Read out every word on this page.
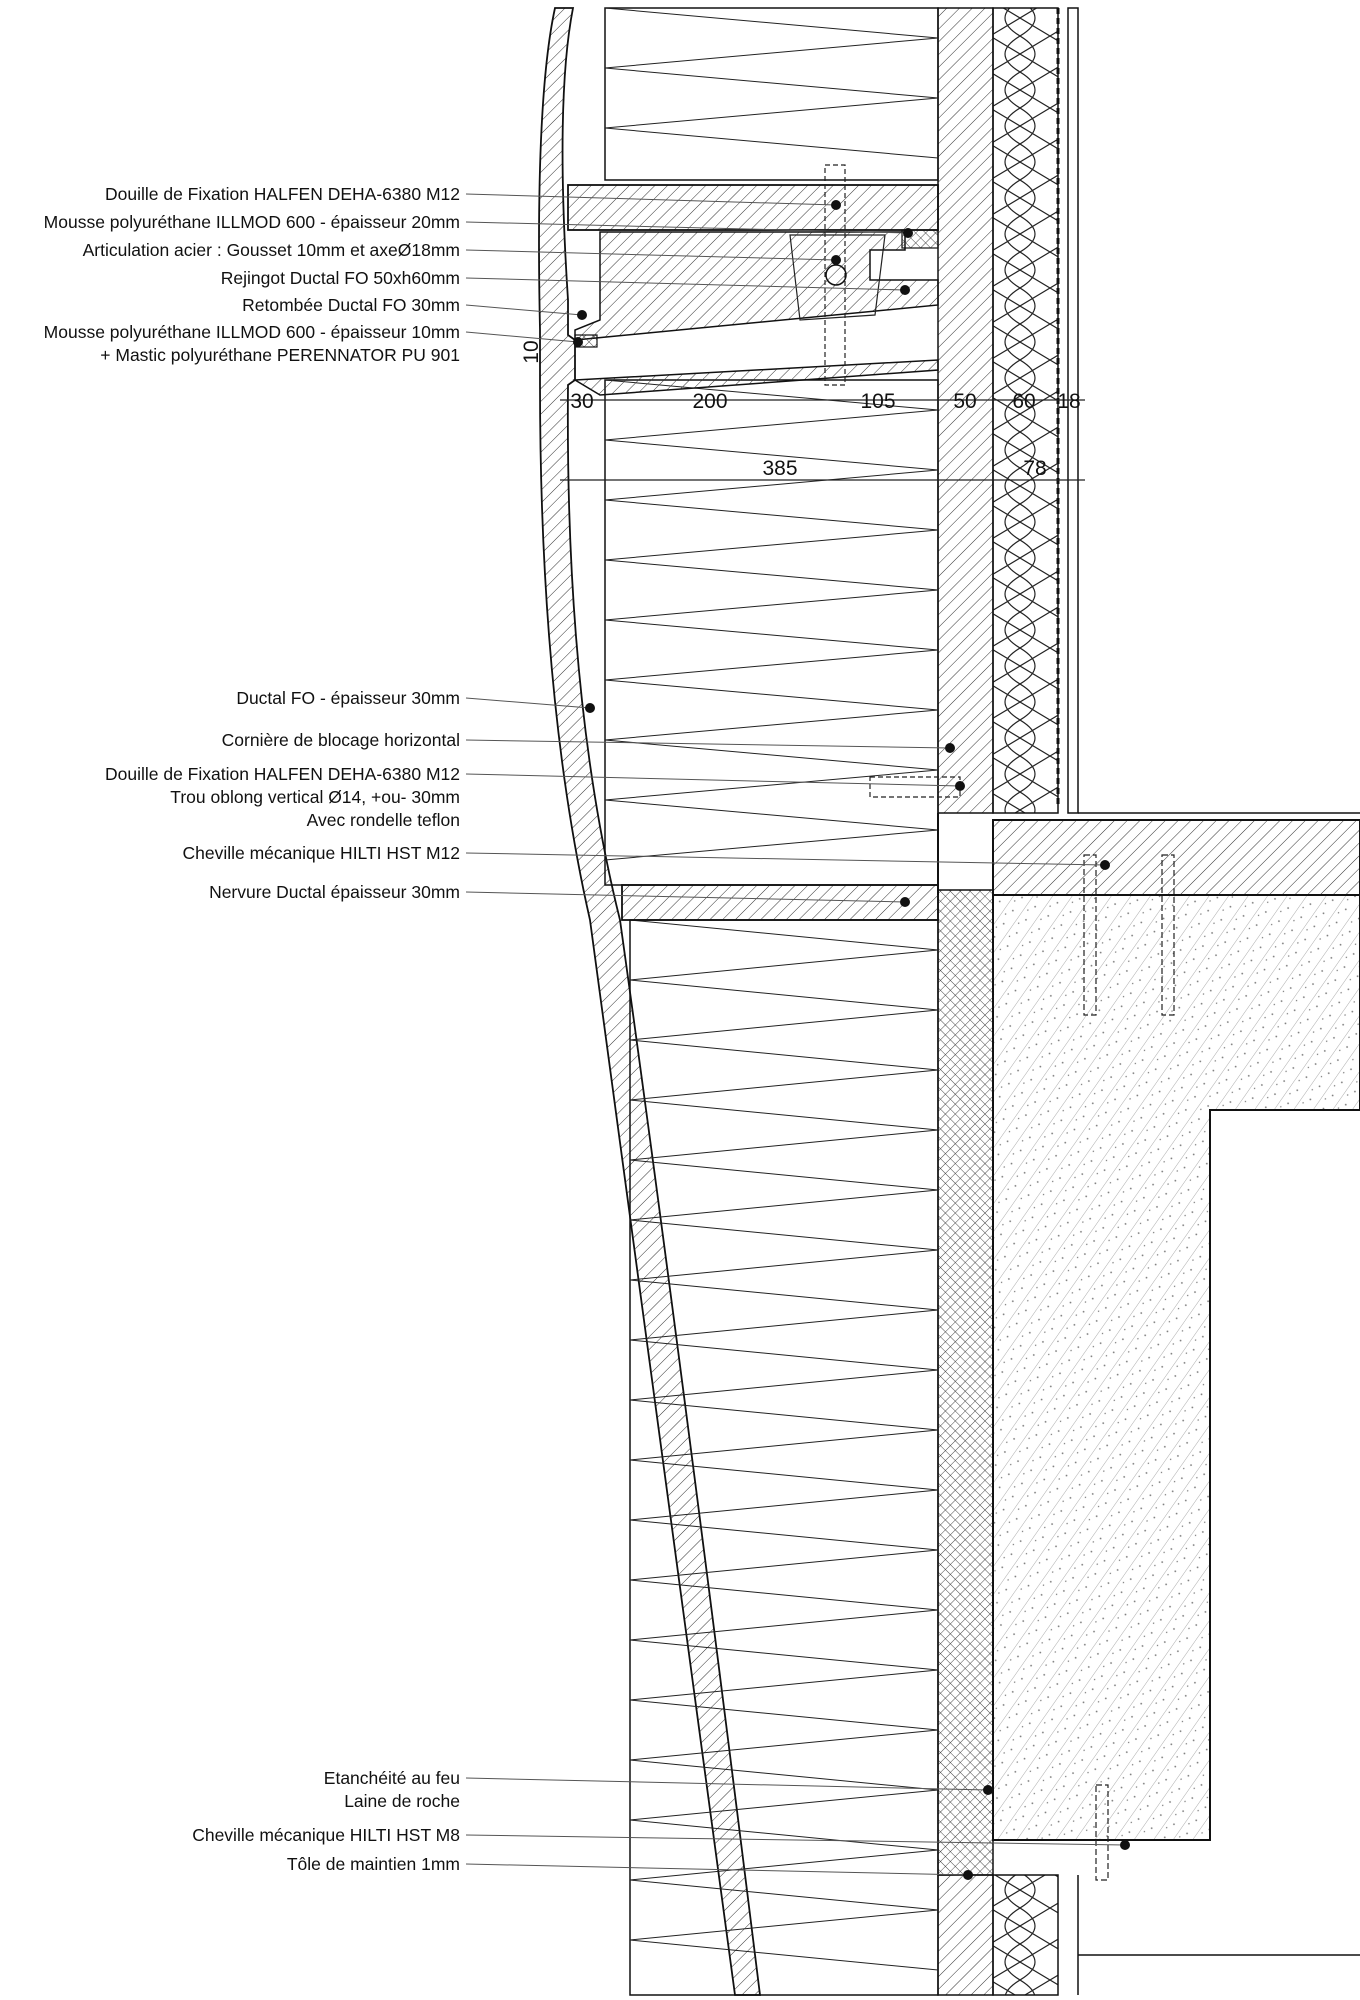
Douille de Fixation HALFEN DEHA-6380 M12
Mousse polyuréthane ILLMOD 600 - épaisseur 20mm
Articulation acier : Gousset 10mm et axeØ18mm
Rejingot Ductal FO 50xh60mm
Retombée Ductal FO 30mm
Mousse polyuréthane ILLMOD 600 - épaisseur 10mm
+ Mastic polyuréthane PERENNATOR PU 901
Ductal FO - épaisseur 30mm
Cornière de blocage horizontal
Douille de Fixation HALFEN DEHA-6380 M12
Trou oblong vertical Ø14, +ou- 30mm
Avec rondelle teflon
Cheville mécanique HILTI HST M12
Nervure Ductal épaisseur 30mm
Etanchéité au feu
Laine de roche
Cheville mécanique HILTI HST M8
Tôle de maintien 1mm
10
30	200	105	50 60 18
385	78
